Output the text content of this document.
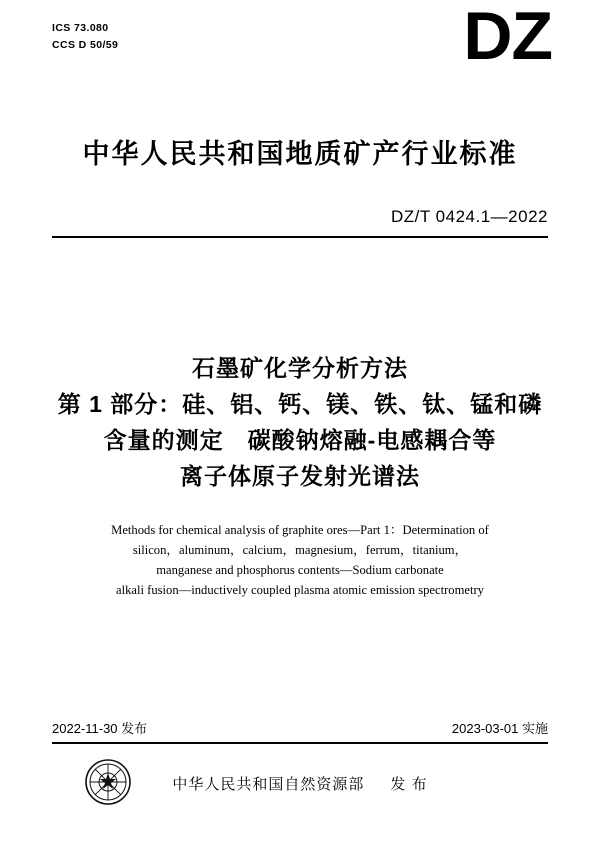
ICS 73.080
CCS D 50/59	DZ
中华人民共和国地质矿产行业标准
DZ/T 0424.1—2022
石墨矿化学分析方法
第 1 部分：硅、铝、钙、镁、铁、钛、锰和磷
含量的测定　碳酸钠熔融-电感耦合等
离子体原子发射光谱法
Methods for chemical analysis of graphite ores—Part 1：Determination of
silicon，aluminum，calcium，magnesium，ferrum，titanium，
manganese and phosphorus contents—Sodium carbonate
alkali fusion—inductively coupled plasma atomic emission spectrometry
2022-11-30 发布	2023-03-01 实施
中华人民共和国自然资源部 发 布
